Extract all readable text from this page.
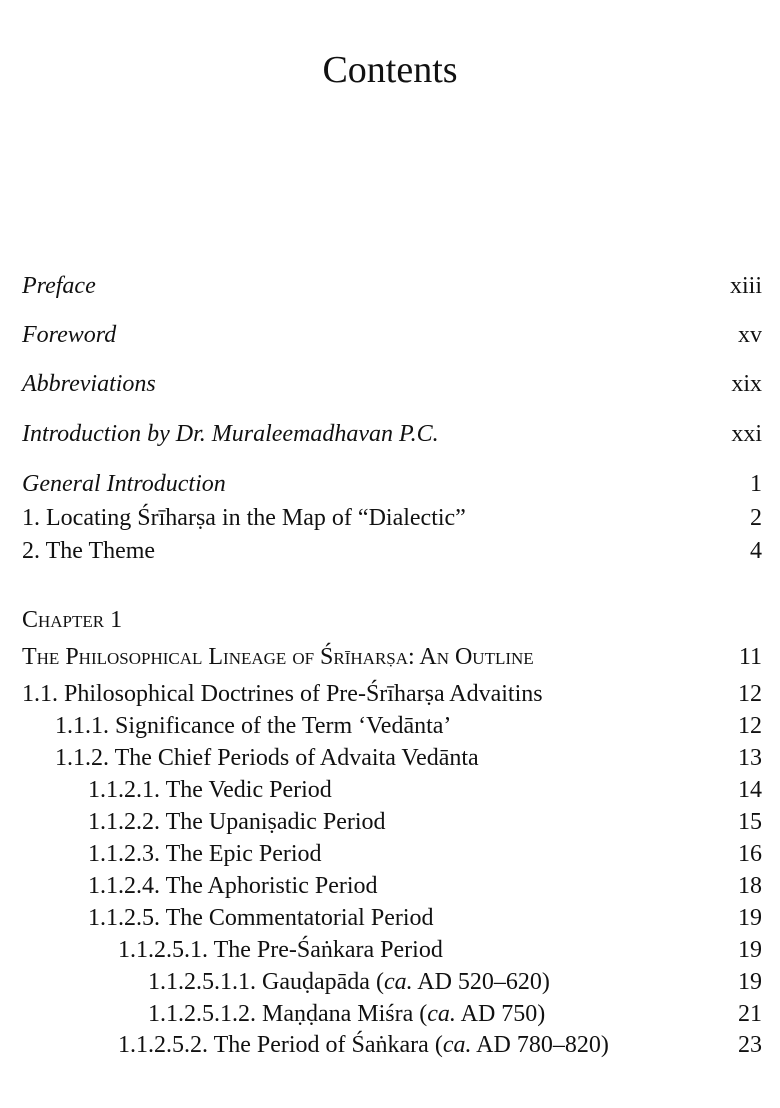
Contents
Preface	xiii
Foreword	xv
Abbreviations	xix
Introduction by Dr. Muraleemadhavan P.C.	xxi
General Introduction	1
1. Locating Śrīharṣa in the Map of “Dialectic”	2
2. The Theme	4
Chapter 1
The Philosophical Lineage of Śrīharṣa: An Outline	11
1.1. Philosophical Doctrines of Pre-Śrīharṣa Advaitins	12
1.1.1. Significance of the Term ‘Vedānta’	12
1.1.2. The Chief Periods of Advaita Vedānta	13
1.1.2.1. The Vedic Period	14
1.1.2.2. The Upaniṣadic Period	15
1.1.2.3. The Epic Period	16
1.1.2.4. The Aphoristic Period	18
1.1.2.5. The Commentatorial Period	19
1.1.2.5.1. The Pre-Śaṅkara Period	19
1.1.2.5.1.1. Gauḍapāda (ca. AD 520–620)	19
1.1.2.5.1.2. Maṇḍana Miśra (ca. AD 750)	21
1.1.2.5.2. The Period of Śaṅkara (ca. AD 780–820)	23
